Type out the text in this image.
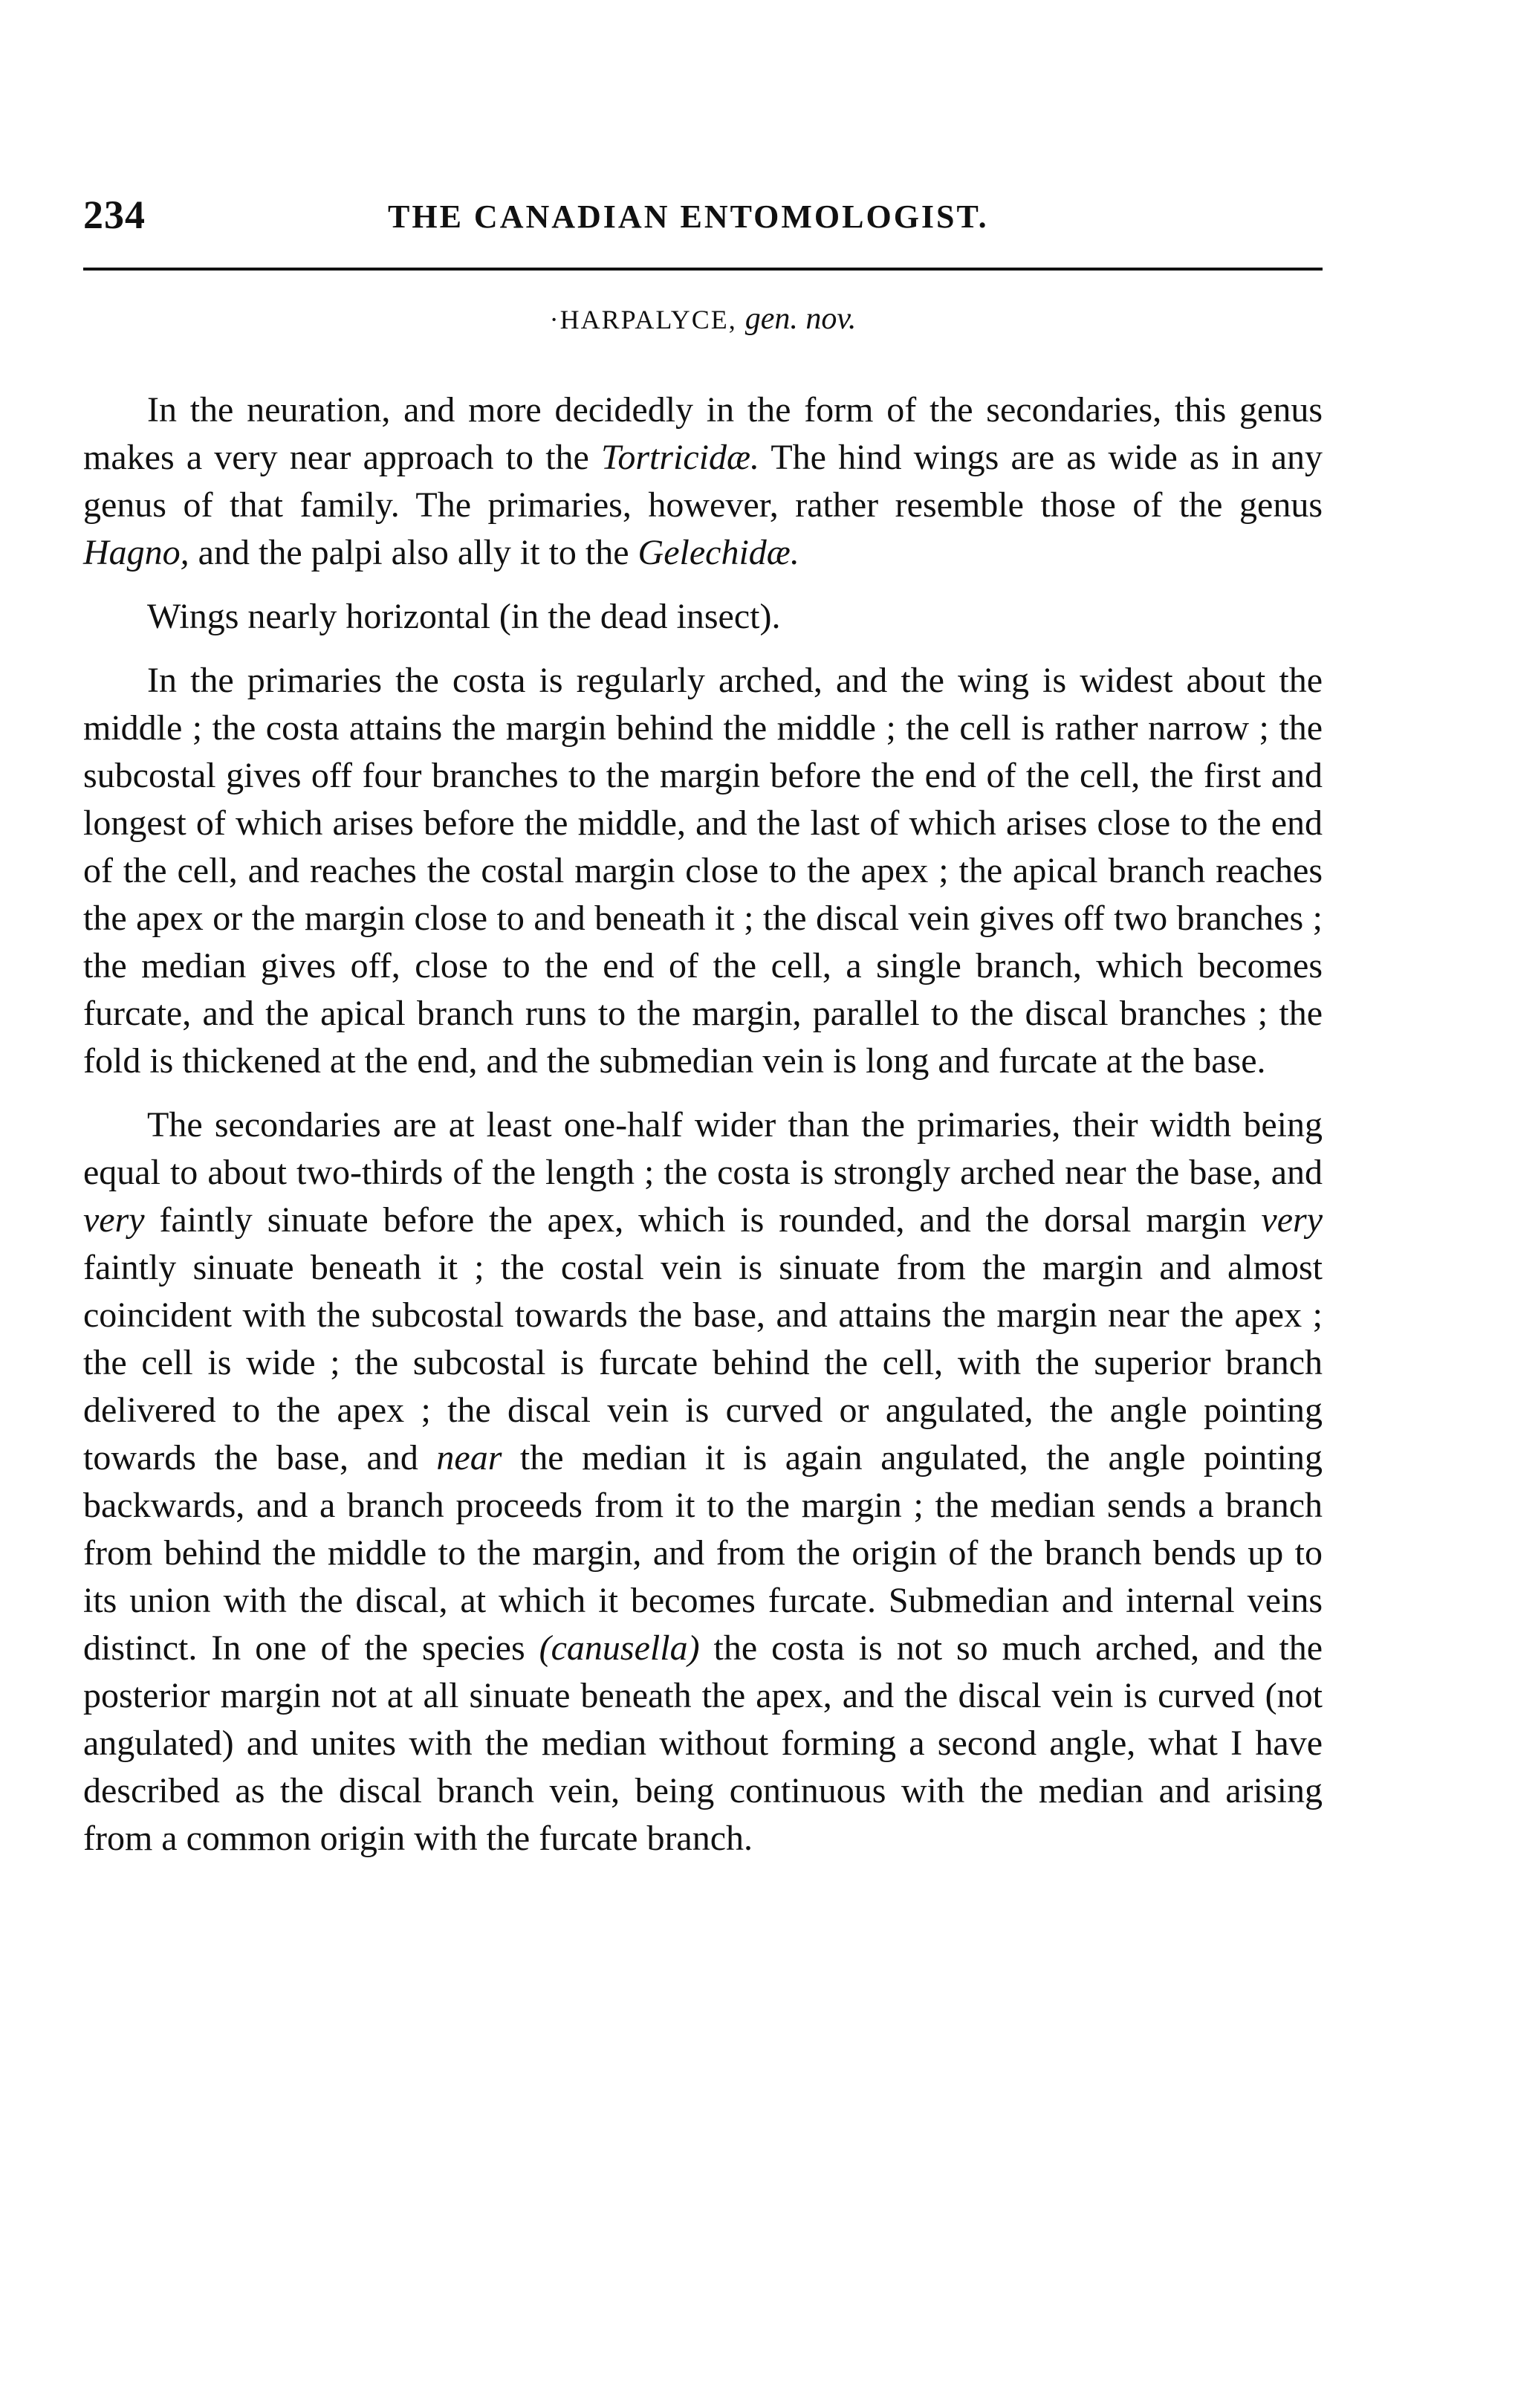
234	THE CANADIAN ENTOMOLOGIST.
·HARPALYCE, gen. nov.

In the neuration, and more decidedly in the form of the secondaries, this genus makes a very near approach to the Tortricidæ. The hind wings are as wide as in any genus of that family. The primaries, however, rather resemble those of the genus Hagno, and the palpi also ally it to the Gelechidæ.

Wings nearly horizontal (in the dead insect).

In the primaries the costa is regularly arched, and the wing is widest about the middle ; the costa attains the margin behind the middle ; the cell is rather narrow ; the subcostal gives off four branches to the margin before the end of the cell, the first and longest of which arises before the middle, and the last of which arises close to the end of the cell, and reaches the costal margin close to the apex ; the apical branch reaches the apex or the margin close to and beneath it ; the discal vein gives off two branches ; the median gives off, close to the end of the cell, a single branch, which becomes furcate, and the apical branch runs to the margin, parallel to the discal branches ; the fold is thickened at the end, and the submedian vein is long and furcate at the base.

The secondaries are at least one-half wider than the primaries, their width being equal to about two-thirds of the length ; the costa is strongly arched near the base, and very faintly sinuate before the apex, which is rounded, and the dorsal margin very faintly sinuate beneath it ; the costal vein is sinuate from the margin and almost coincident with the subcostal towards the base, and attains the margin near the apex ; the cell is wide ; the subcostal is furcate behind the cell, with the superior branch delivered to the apex ; the discal vein is curved or angulated, the angle pointing towards the base, and near the median it is again angulated, the angle pointing backwards, and a branch proceeds from it to the margin ; the median sends a branch from behind the middle to the margin, and from the origin of the branch bends up to its union with the discal, at which it becomes furcate. Submedian and internal veins distinct. In one of the species (canusella) the costa is not so much arched, and the posterior margin not at all sinuate beneath the apex, and the discal vein is curved (not angulated) and unites with the median without forming a second angle, what I have described as the discal branch vein, being continuous with the median and arising from a common origin with the furcate branch.
